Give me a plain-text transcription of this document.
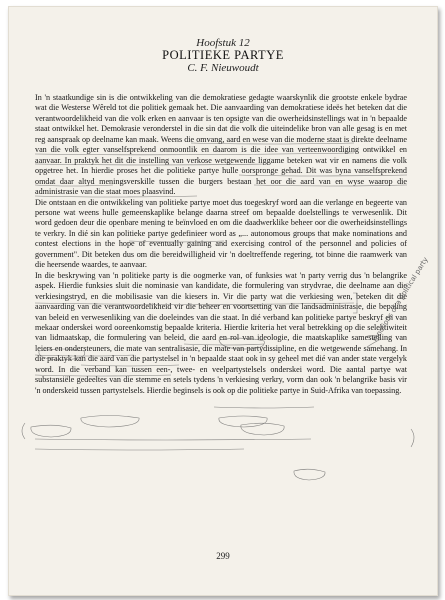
Hoofstuk 12
POLITIEKE PARTYE
C. F. Nieuwoudt

In 'n staatkundige sin is die ontwikkeling van die demokratiese gedagte waarskynlik die grootste enkele bydrae wat die Westerse Wêreld tot die politiek gemaak het. Die aanvaarding van demokratiese ideës het beteken dat die verantwoordelikheid van die volk erken en aanvaar is ten opsigte van die owerheidsinstellings wat in 'n bepaalde staat ontwikkel het. Demokrasie veronderstel in die sin dat die volk die uiteindelike bron van alle gesag is en met reg aanspraak op deelname kan maak. Weens die omvang, aard en wese van die moderne staat is direkte deelname van die volk egter vanselfsprekend onmoontlik en daarom is die idee van verteenwoordiging ontwikkel en aanvaar. In praktyk het dit die instelling van verkose wetgewende liggame beteken wat vir en namens die volk opgetree het. In hierdie proses het die politieke partye hulle oorspronge gehad. Dit was byna vanselfsprekend omdat daar altyd meningsverskille tussen die burgers bestaan het oor die aard van en wyse waarop die administrasie van die staat moes plaasvind.

Die ontstaan en die ontwikkeling van politieke partye moet dus toegeskryf word aan die verlange en begeerte van persone wat weens hulle gemeenskaplike belange daarna streef om bepaalde doelstellings te verwesenlik. Dit word gedoen deur die openbare mening te beïnvloed en om die daadwerklike beheer oor die owerheidsinstellings te verkry. In dié sin kan politieke partye gedefinieer word as „... autonomous groups that make nominations and contest elections in the hope of eventually gaining and exercising control of the personnel and policies of government". Dit beteken dus om die bereidwilligheid vir 'n doeltreffende regering, tot binne die raamwerk van die heersende waardes, te aanvaar.

In die beskrywing van 'n politieke party is die oogmerke van, of funksies wat 'n party verrig dus 'n belangrike aspek. Hierdie funksies sluit die nominasie van kandidate, die formulering van strydvrae, die deelname aan die verkiesingstryd, en die mobilisasie van die kiesers in. Vir die party wat die verkiesing wen, beteken dit die aanvaarding van die verantwoordelikheid vir die beheer en voortsetting van die landsadministrasie, die bepaling van beleid en verwesenliking van die doeleindes van die staat. In dié verband kan politieke partye beskryf en van mekaar onderskei word ooreenkomstig bepaalde kriteria. Hierdie kriteria het veral betrekking op die selektiwiteit van lidmaatskap, die formulering van beleid, die aard en rol van ideologie, die maatskaplike samestelling van leiers en ondersteuners, die mate van sentralisasie, die mate van partydissipline, en die wetgewende samehang. In die praktyk kan die aard van die partystelsel in 'n bepaalde staat ook in sy geheel met dié van ander state vergelyk word. In die verband kan tussen een-, twee- en veelpartystelsels onderskei word. Die aantal partye wat substansiële gedeeltes van die stemme en setels tydens 'n verkiesing verkry, vorm dan ook 'n belangrike basis vir 'n onderskeid tussen partystelsels. Hierdie beginsels is ook op die politieke partye in Suid-Afrika van toepassing.

functions of a political party
299
